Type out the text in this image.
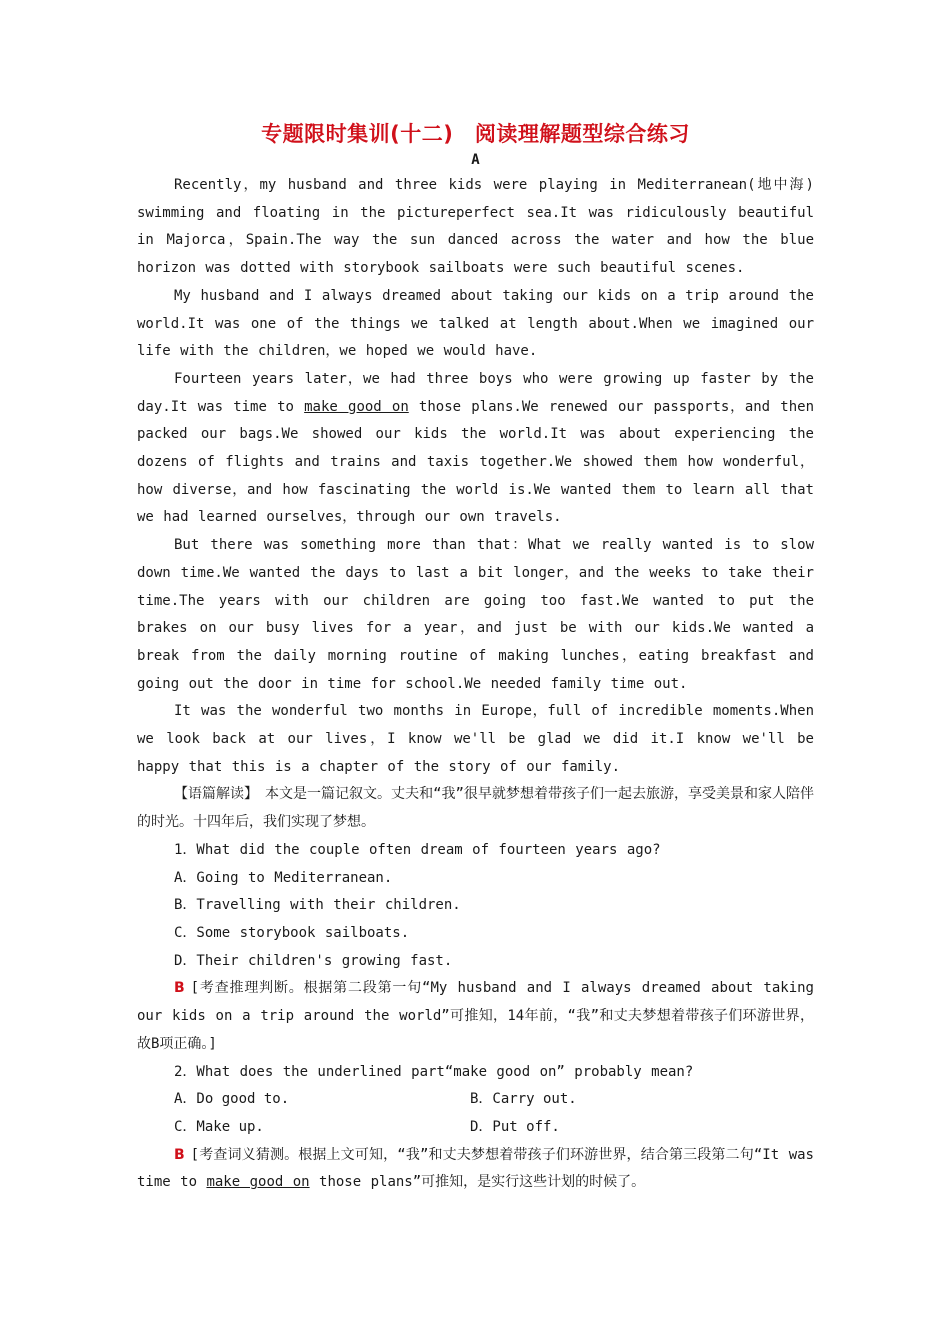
专题限时集训(十二)　阅读理解题型综合练习
A

Recently，my husband and three kids were playing in Mediterranean(地中海) swimming and floating in the pictureperfect sea.It was ridiculously beautiful in Majorca，Spain.The way the sun danced across the water and how the blue horizon was dotted with storybook sailboats were such beautiful scenes.

My husband and I always dreamed about taking our kids on a trip around the world.It was one of the things we talked at length about.When we imagined our life with the children，we hoped we would have.

Fourteen years later，we had three boys who were growing up faster by the day.It was time to make good on those plans.We renewed our passports，and then packed our bags.We showed our kids the world.It was about experiencing the dozens of flights and trains and taxis together.We showed them how wonderful，how diverse，and how fascinating the world is.We wanted them to learn all that we had learned ourselves，through our own travels.

But there was something more than that：What we really wanted is to slow down time.We wanted the days to last a bit longer，and the weeks to take their time.The years with our children are going too fast.We wanted to put the brakes on our busy lives for a year，and just be with our kids.We wanted a break from the daily morning routine of making lunches，eating breakfast and going out the door in time for school.We needed family time out.

It was the wonderful two months in Europe，full of incredible moments.When we look back at our lives，I know we'll be glad we did it.I know we'll be happy that this is a chapter of the story of our family.

【语篇解读】　本文是一篇记叙文。丈夫和“我”很早就梦想着带孩子们一起去旅游，享受美景和家人陪伴的时光。十四年后，我们实现了梦想。

1．What did the couple often dream of fourteen years ago?

A．Going to Mediterranean.

B．Travelling with their children.

C．Some storybook sailboats.

D．Their children's growing fast.

B [考查推理判断。根据第二段第一句“My husband and I always dreamed about taking our kids on a trip around the world”可推知，14年前，“我”和丈夫梦想着带孩子们环游世界，故B项正确。]

2．What does the underlined part“make good on” probably mean?

A．Do good to.	B．Carry out.
C．Make up.	D．Put off.

B [考查词义猜测。根据上文可知，“我”和丈夫梦想着带孩子们环游世界，结合第三段第二句“It was time to make good on those plans”可推知，是实行这些计划的时候了。
